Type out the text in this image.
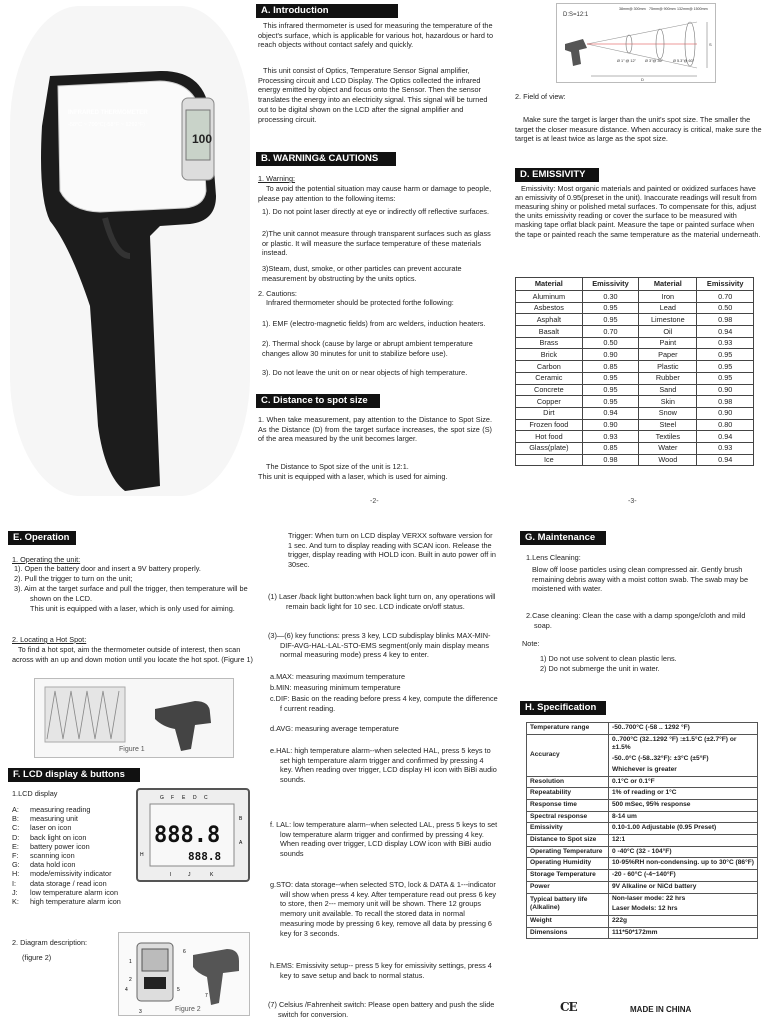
100
INFRARED THERMOMETER
-58°C ~ 700°C(-58°F ~ 1292°F)
A. Introduction
This infrared thermometer is used for measuring the temperature of the object's surface, which is applicable for various hot, hazardous or hard to reach objects without contact safely and quickly.
This unit consist of Optics, Temperature Sensor Signal amplifier, Processing circuit and LCD Display. The Optics collected the infrared energy emitted by object and focus onto the Sensor. Then the sensor translates the energy into an electricity signal. This signal will be turned out to be digital shown on the LCD after the signal amplifier and processing circuit.
B. WARNING& CAUTIONS
1. Warning:
To avoid the potential situation may cause harm or damage to people, please pay attention to the following items:
1). Do not point laser directly at eye or indirectly off reflective surfaces.
2)The unit cannot measure through transparent surfaces such as glass or plastic. It will measure the surface temperature of these materials instead.
3)Steam, dust, smoke, or other particles can prevent accurate measurement by obstructing by the units optics.
2. Cautions:
Infrared thermometer should be protected forthe following:
1). EMF (electro-magnetic fields) from arc welders, induction heaters.
2). Thermal shock (cause by large or abrupt ambient temperature changes allow 30 minutes for unit to stabilize before use).
3). Do not leave the unit on or near objects of high temperature.
C. Distance to spot size
1. When take measurement, pay attention to the Distance to Spot Size. As the Distance (D) from the target surface increases, the spot size (S) of the area measured by the unit becomes larger.
The Distance to Spot size of the unit is 12:1.
This unit is equipped with a laser, which is used for aiming.
-2-
D:S=12:1
38mm@ 300mm 75mm@ 900mm 132mm@ 1500mm
Ø 1" @ 12" Ø 3"@ 36"	Ø 5.3"@ 60"
D
S
2. Field of view:
Make sure the target is larger than the unit's spot size. The smaller the target the closer measure distance. When accuracy is critical, make sure the target is at least twice as large as the spot size.
D. EMISSIVITY
Emissivity: Most organic materials and painted or oxidized surfaces have an emissivity of 0.95(preset in the unit). Inaccurate readings will result from measuring shiny or polished metal surfaces. To compensate for this, adjust the units emissivity reading or cover the surface to be measured with masking tape orflat black paint. Measure the tape or painted surface when the tape or painted reach the same temperature as the material underneath.
Material	Emissivity	Material	Emissivity
Aluminum	0.30	Iron	0.70
Asbestos	0.95	Lead	0.50
Asphalt	0.95	Limestone	0.98
Basalt	0.70	Oil	0.94
Brass	0.50	Paint	0.93
Brick	0.90	Paper	0.95
Carbon	0.85	Plastic	0.95
Ceramic	0.95	Rubber	0.95
Concrete	0.95	Sand	0.90
Copper	0.95	Skin	0.98
Dirt	0.94	Snow	0.90
Frozen food	0.90	Steel	0.80
Hot food	0.93	Textiles	0.94
Glass(plate)	0.85	Water	0.93
Ice	0.98	Wood	0.94
-3-
E. Operation
1. Operating the unit:
1). Open the battery door and insert a 9V battery properly.
2). Pull the trigger to turn on the unit;
3). Aim at the target surface and pull the trigger, then temperature will be shown on the LCD.
This unit is equipped with a laser, which is only used for aiming.
2. Locating a Hot Spot:
To find a hot spot, aim the thermometer outside of interest, then scan across with an up and down motion until you locate the hot spot. (Figure 1)
Figure 1
F. LCD display & buttons
1.LCD display
A:	measuring reading
B:	measuring unit
C:	laser on icon
D:	back light on icon
E:	battery power icon
F:	scanning icon
G:	data hold icon
H:	mode/emissivity indicator
I:	data storage / read icon
J:	low temperature alarm icon
K:	high temperature alarm icon
G F E D C
B
A
H
888.8
888.8
I	J	K
2. Diagram description:
(figure 2)	1
2
3
4	5
6
7
Figure 2
Trigger: When turn on LCD display VERXX software version for 1 sec. And turn to display reading with SCAN icon. Release the trigger, display reading with HOLD icon. Built in auto power off in 30sec.
(1) Laser /back light button:when back light turn on, any operations will remain back light for 10 sec. LCD indicate on/off status.
(3)—(6) key functions: press 3 key, LCD subdisplay blinks MAX-MIN-DIF-AVG-HAL-LAL-STO-EMS segment(only main display means normal measuring mode) press 4 key to enter.
a.MAX: measuring maximum temperature
b.MIN: measuring minimum temperature
c.DIF: Basic on the reading before press 4 key, compute the difference f current reading.
d.AVG: measuring average temperature
e.HAL: high temperature alarm--when selected HAL, press 5 keys to set high temperature alarm trigger and confirmed by pressing 4 key. When reading over trigger, LCD display HI icon with BiBi audio sounds.
f. LAL: low temperature alarm--when selected LAL, press 5 keys to set low temperature alarm trigger and confirmed by pressing 4 key. When reading over trigger, LCD display LOW icon with BiBi audio sounds
g.STO: data storage--when selected STO, lock & DATA & 1---indicator will show when press 4 key. After temperature read out press 6 key to store, then 2--- memory unit will be shown. There 12 groups memory unit available. To recall the stored data in normal measuring mode by pressing 6 key, remove all data by pressing 6 key for 3 seconds.
h.EMS: Emissivity setup-- press 5 key for emissivity settings, press 4 key to save setup and back to normal status.
(7) Celsius /Fahrenheit switch: Please open battery and push the slide switch for conversion.
G. Maintenance
1.Lens Cleaning:
Blow off loose particles using clean compressed air. Gently brush remaining debris away with a moist cotton swab. The swab may be moistened with water.
2.Case cleaning: Clean the case with a damp sponge/cloth and mild soap.
Note:
1) Do not use solvent to clean plastic lens.
2) Do not submerge the unit in water.
H. Specification
Temperature range	-50..700°C (-58 .. 1292 °F)

Accuracy	0..700°C (32..1292 °F) :±1.5°C (±2.7°F) or ±1.5%
-50..0°C (-58..32°F): ±3°C (±5°F)
Whichever is greater

Resolution	0.1°C or 0.1°F

Repeatability	1% of reading or 1°C

Response time	500 mSec, 95% response

Spectral response	8-14 um

Emissivity	0.10-1.00 Adjustable (0.95 Preset)

Distance to Spot size	12:1

Operating Temperature	0 -40°C (32 - 104°F)

Operating Humidity	10-95%RH non-condensing. up to 30°C (86°F)

Storage Temperature	-20 - 60°C (-4~140°F)

Power	9V Alkaline or NiCd battery

Typical battery life (Alkaline)	Non-laser mode: 22 hrs
Laser Models: 12 hrs

Weight	222g

Dimensions	111*50*172mm
CE	MADE IN CHINA
